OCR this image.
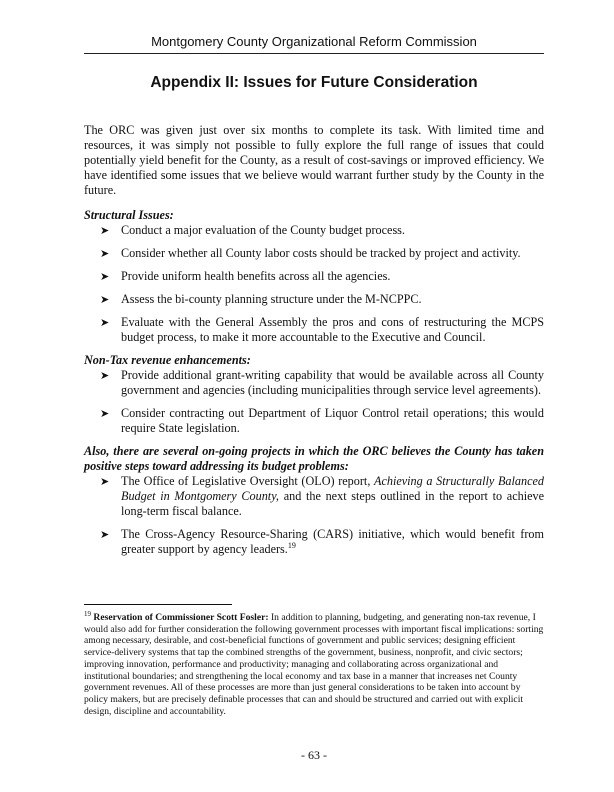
Montgomery County Organizational Reform Commission
Appendix II: Issues for Future Consideration

The ORC was given just over six months to complete its task. With limited time and resources, it was simply not possible to fully explore the full range of issues that could potentially yield benefit for the County, as a result of cost-savings or improved efficiency. We have identified some issues that we believe would warrant further study by the County in the future.

Structural Issues:

➤ Conduct a major evaluation of the County budget process.
➤ Consider whether all County labor costs should be tracked by project and activity.
➤ Provide uniform health benefits across all the agencies.
➤ Assess the bi-county planning structure under the M-NCPPC.
➤ Evaluate with the General Assembly the pros and cons of restructuring the MCPS budget process, to make it more accountable to the Executive and Council.

Non-Tax revenue enhancements:

➤ Provide additional grant-writing capability that would be available across all County government and agencies (including municipalities through service level agreements).
➤ Consider contracting out Department of Liquor Control retail operations; this would require State legislation.

Also, there are several on-going projects in which the ORC believes the County has taken positive steps toward addressing its budget problems:

➤ The Office of Legislative Oversight (OLO) report, Achieving a Structurally Balanced Budget in Montgomery County, and the next steps outlined in the report to achieve long-term fiscal balance.
➤ The Cross-Agency Resource-Sharing (CARS) initiative, which would benefit from greater support by agency leaders.$^{19}$
$^{19}$ Reservation of Commissioner Scott Fosler: In addition to planning, budgeting, and generating non-tax revenue, I would also add for further consideration the following government processes with important fiscal implications: sorting among necessary, desirable, and cost-beneficial functions of government and public services; designing efficient service-delivery systems that tap the combined strengths of the government, business, nonprofit, and civic sectors; improving innovation, performance and productivity; managing and collaborating across organizational and institutional boundaries; and strengthening the local economy and tax base in a manner that increases net County government revenues. All of these processes are more than just general considerations to be taken into account by policy makers, but are precisely definable processes that can and should be structured and carried out with explicit design, discipline and accountability.
- 63 -
